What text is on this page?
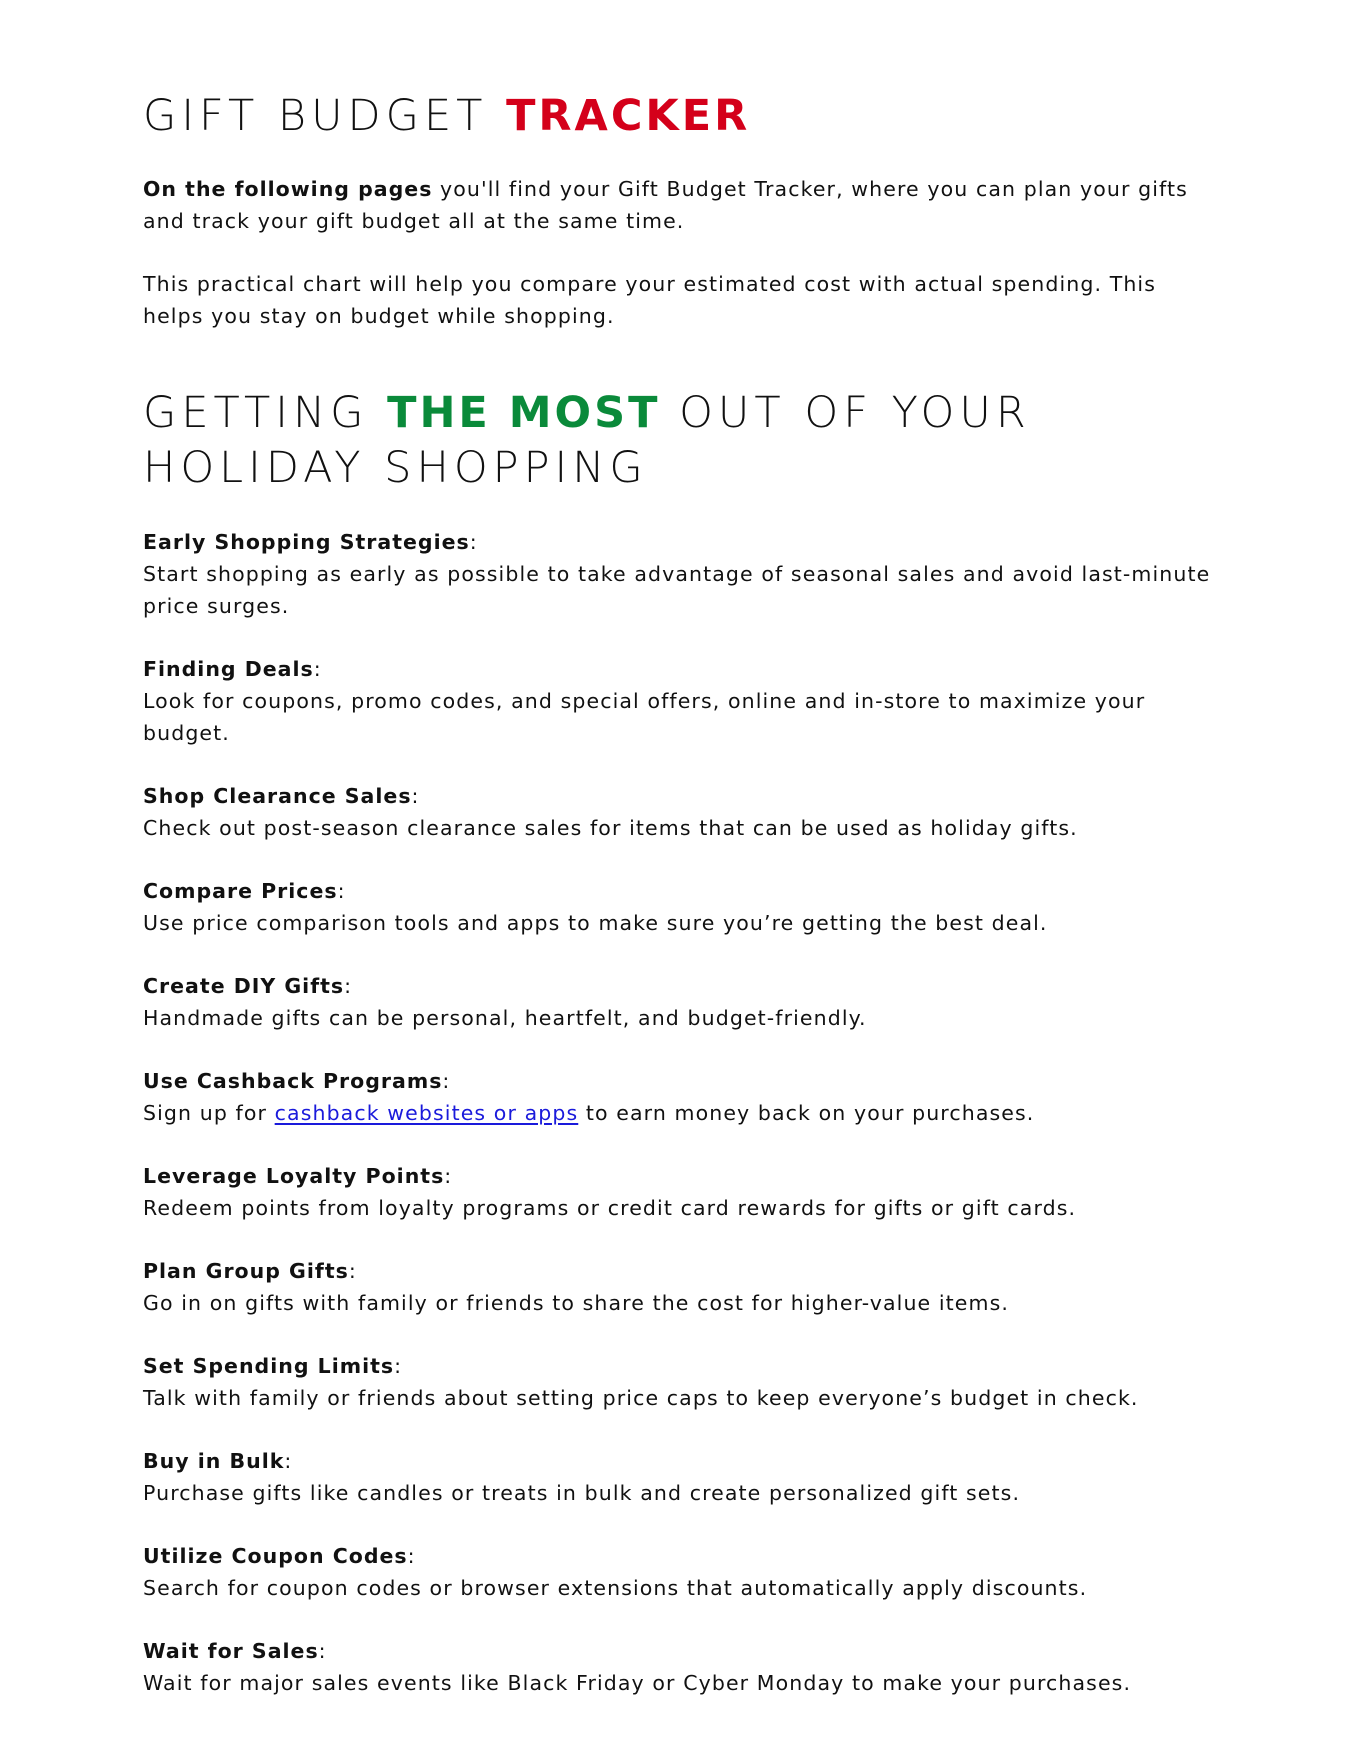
GIFT BUDGET TRACKER

On the following pages you'll find your Gift Budget Tracker, where you can plan your gifts and track your gift budget all at the same time.

This practical chart will help you compare your estimated cost with actual spending. This helps you stay on budget while shopping.

GETTING THE MOST OUT OF YOUR HOLIDAY SHOPPING
Early Shopping Strategies:
Start shopping as early as possible to take advantage of seasonal sales and avoid last-minute price surges.
Finding Deals:
Look for coupons, promo codes, and special offers, online and in-store to maximize your budget.
Shop Clearance Sales:
Check out post-season clearance sales for items that can be used as holiday gifts.
Compare Prices:
Use price comparison tools and apps to make sure you’re getting the best deal.
Create DIY Gifts:
Handmade gifts can be personal, heartfelt, and budget-friendly.
Use Cashback Programs:
Sign up for cashback websites or apps to earn money back on your purchases.
Leverage Loyalty Points:
Redeem points from loyalty programs or credit card rewards for gifts or gift cards.
Plan Group Gifts:
Go in on gifts with family or friends to share the cost for higher-value items.
Set Spending Limits:
Talk with family or friends about setting price caps to keep everyone’s budget in check.
Buy in Bulk:
Purchase gifts like candles or treats in bulk and create personalized gift sets.
Utilize Coupon Codes:
Search for coupon codes or browser extensions that automatically apply discounts.
Wait for Sales:
Wait for major sales events like Black Friday or Cyber Monday to make your purchases.
